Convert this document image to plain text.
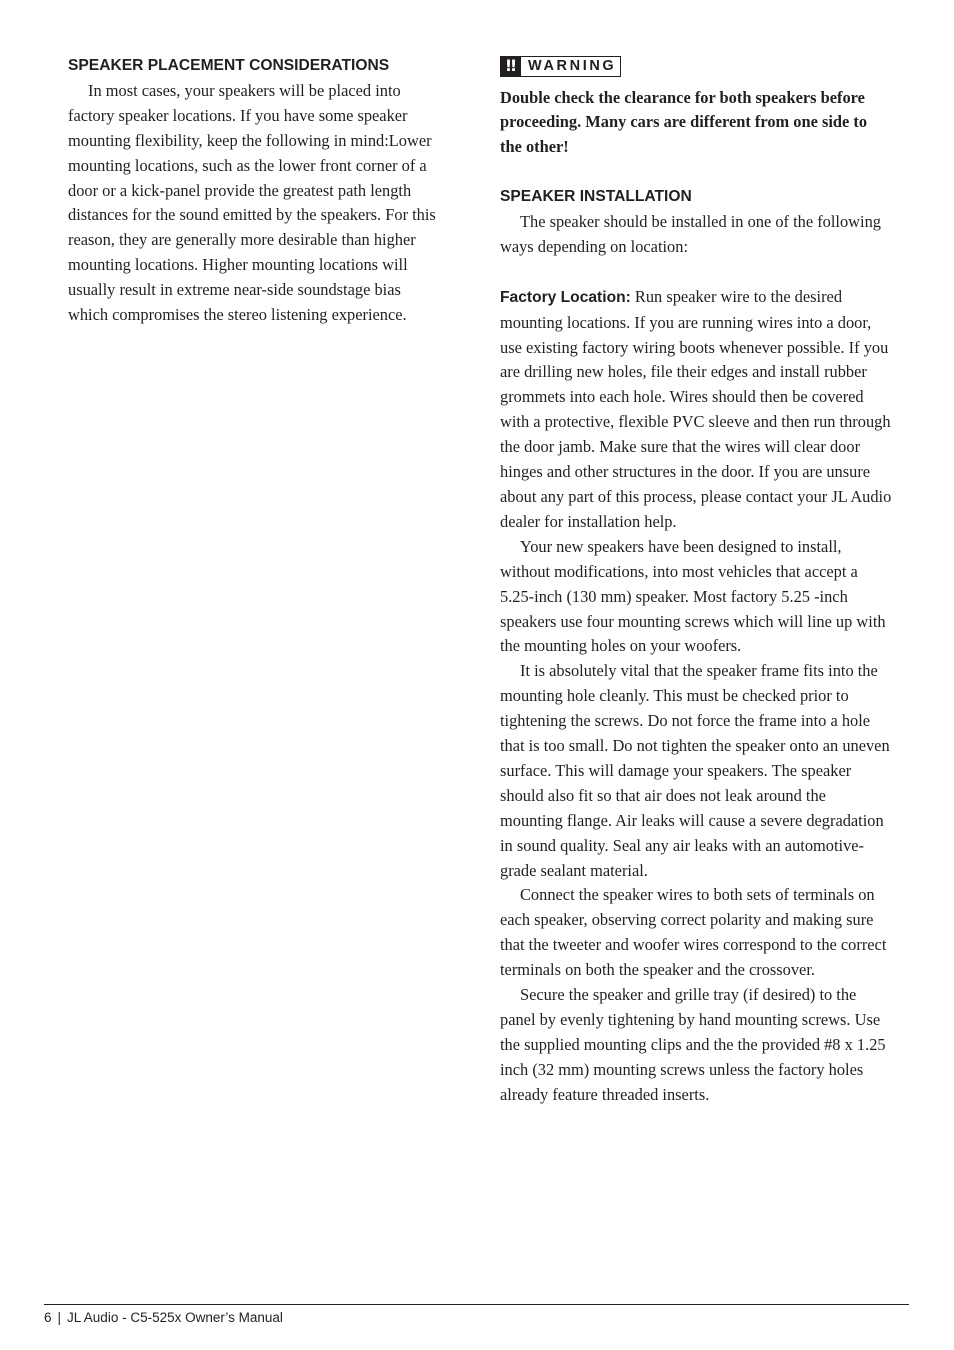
SPEAKER PLACEMENT CONSIDERATIONS

In most cases, your speakers will be placed into factory speaker locations. If you have some speaker mounting flexibility, keep the following in mind:Lower mounting locations, such as the lower front corner of a door or a kick-panel provide the greatest path length distances for the sound emitted by the speakers. For this reason, they are generally more desirable than higher mounting locations. Higher mounting locations will usually result in extreme near-side soundstage bias which compromises the stereo listening experience.

‼ WARNING

Double check the clearance for both speakers before proceeding. Many cars are different from one side to the other!

SPEAKER INSTALLATION

The speaker should be installed in one of the following ways depending on location:

Factory Location: Run speaker wire to the desired mounting locations. If you are running wires into a door, use existing factory wiring boots whenever possible. If you are drilling new holes, file their edges and install rubber grommets into each hole. Wires should then be covered with a protective, flexible PVC sleeve and then run through the door jamb. Make sure that the wires will clear door hinges and other structures in the door. If you are unsure about any part of this process, please contact your JL Audio dealer for installation help.

Your new speakers have been designed to install, without modifications, into most vehicles that accept a 5.25-inch (130 mm) speaker. Most factory 5.25 -inch speakers use four mounting screws which will line up with the mounting holes on your woofers.

It is absolutely vital that the speaker frame fits into the mounting hole cleanly. This must be checked prior to tightening the screws. Do not force the frame into a hole that is too small. Do not tighten the speaker onto an uneven surface. This will damage your speakers. The speaker should also fit so that air does not leak around the mounting flange. Air leaks will cause a severe degradation in sound quality. Seal any air leaks with an automotive-grade sealant material.

Connect the speaker wires to both sets of terminals on each speaker, observing correct polarity and making sure that the tweeter and woofer wires correspond to the correct terminals on both the speaker and the crossover.

Secure the speaker and grille tray (if desired) to the panel by evenly tightening by hand mounting screws. Use the supplied mounting clips and the the provided #8 x 1.25 inch (32 mm) mounting screws unless the factory holes already feature threaded inserts.

6 | JL Audio - C5-525x Owner’s Manual
